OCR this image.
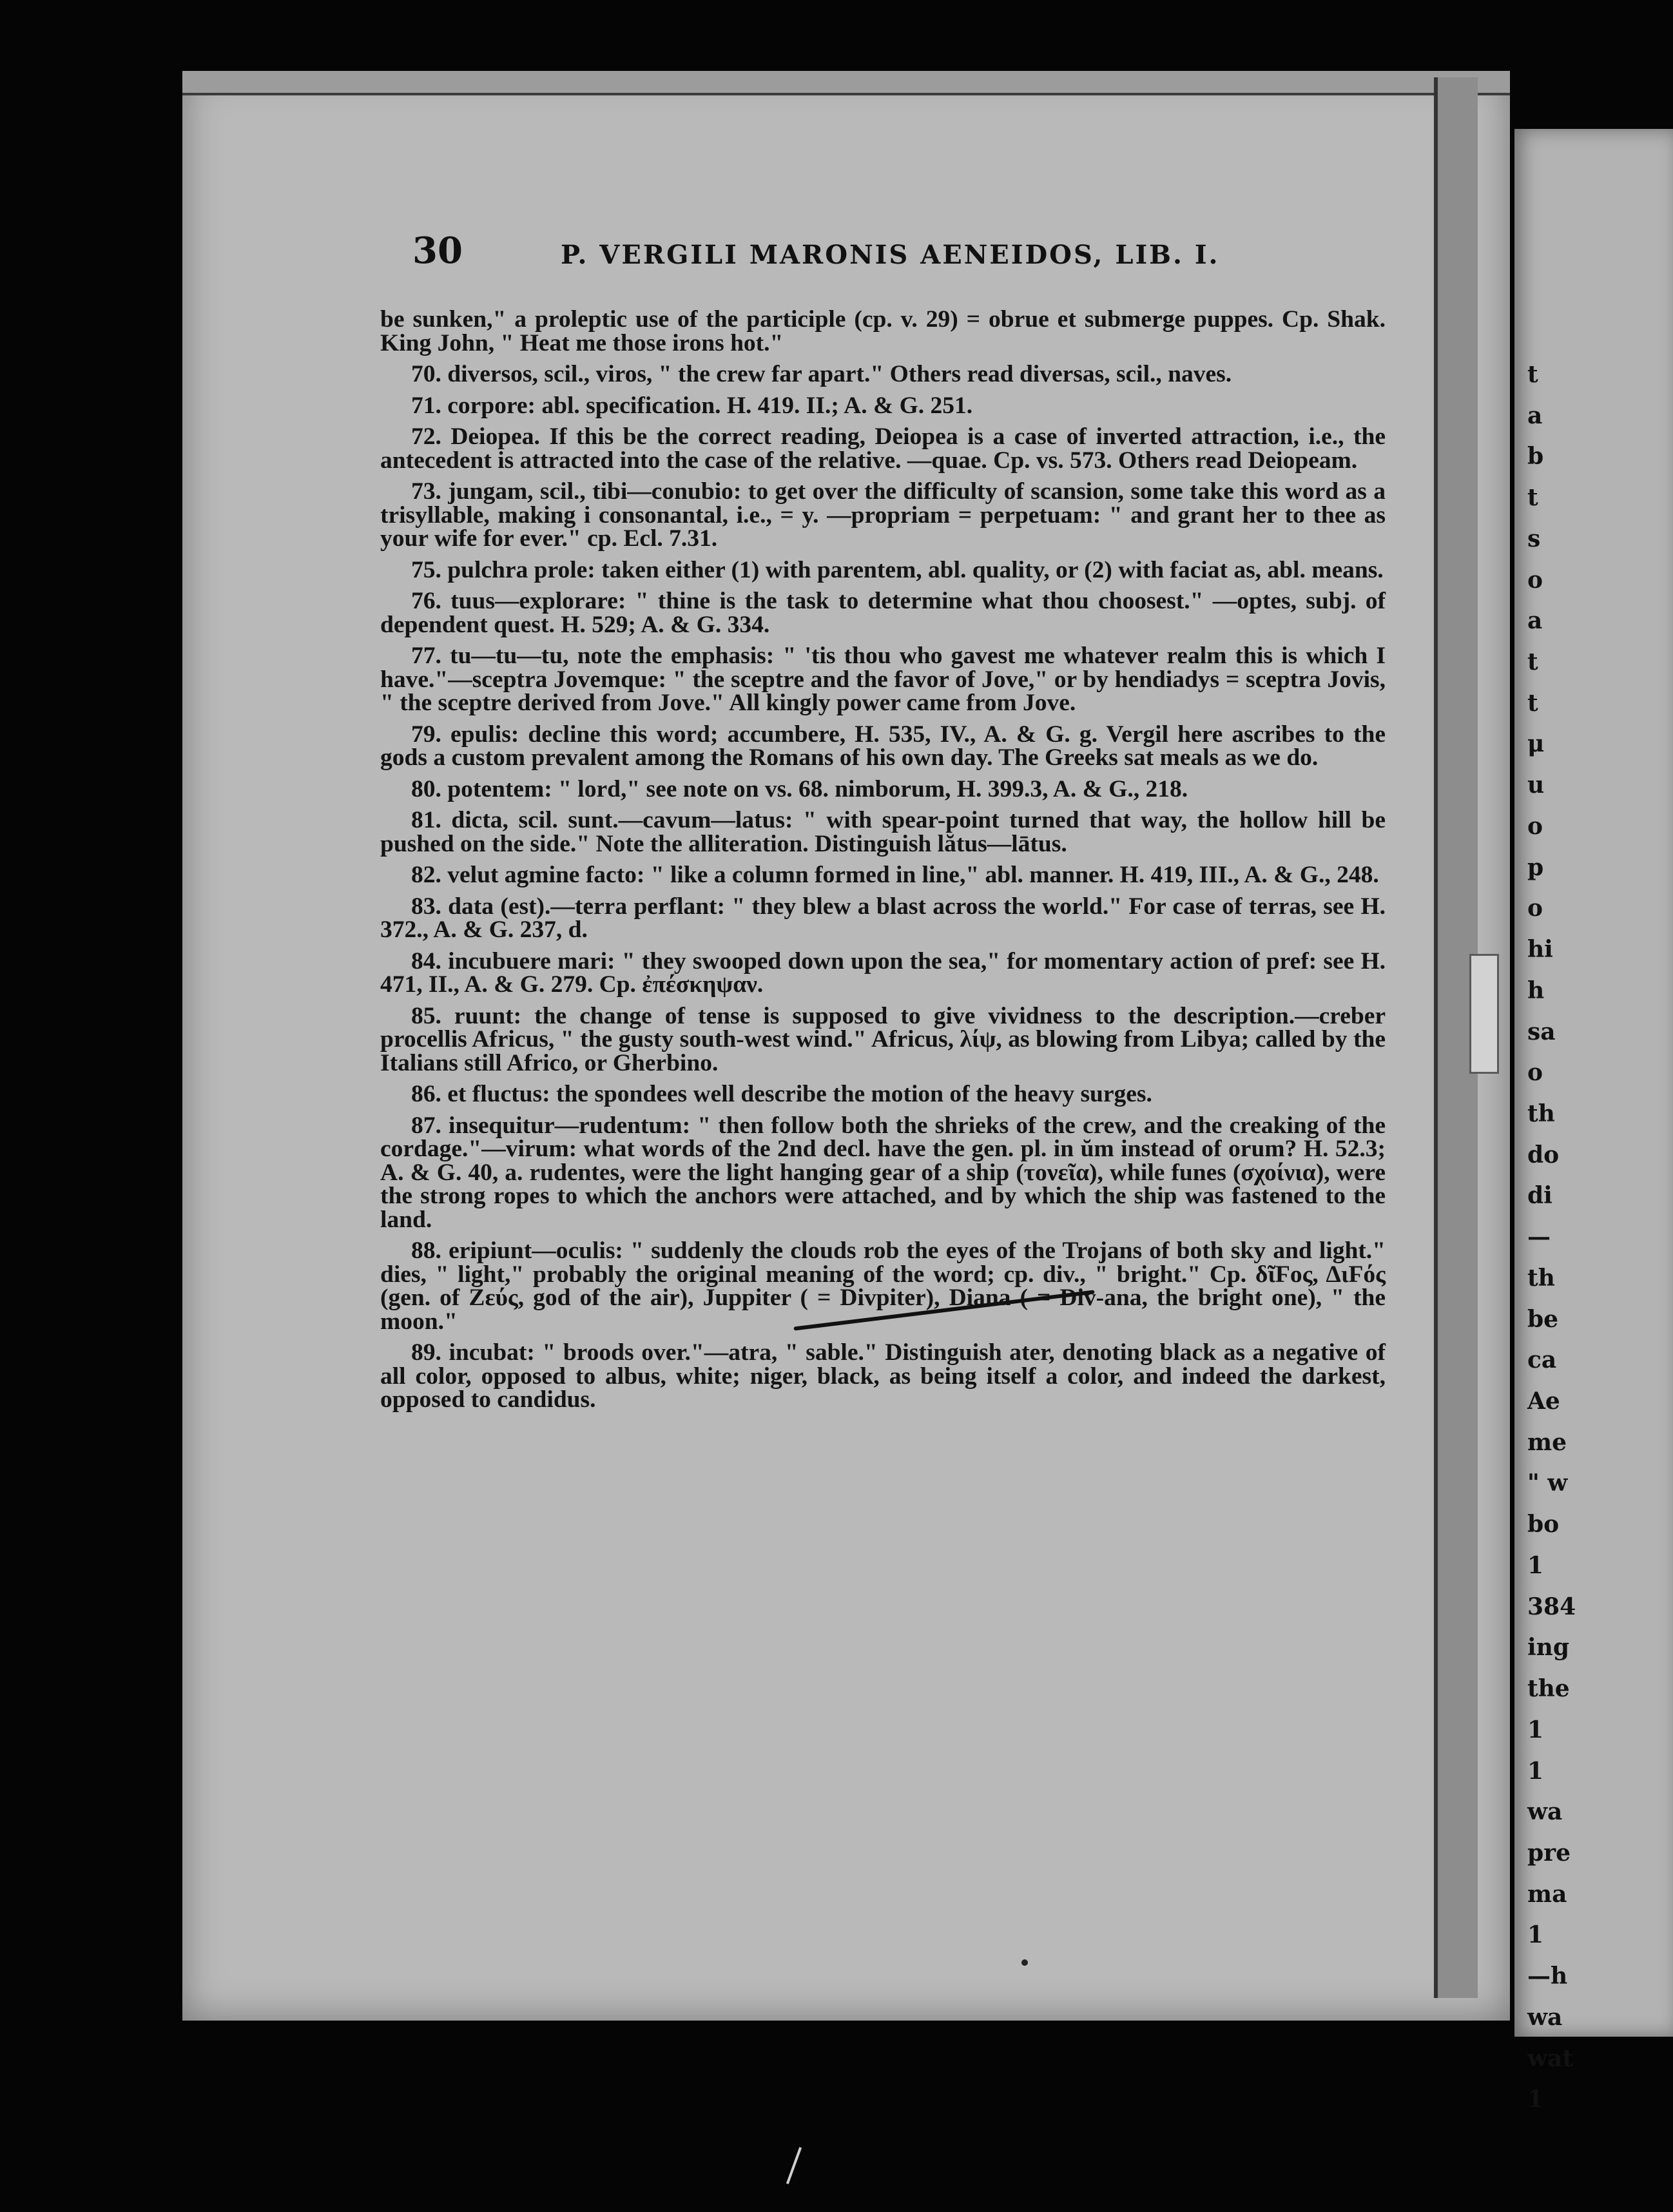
t
a
b
t
s
o
a
t
t
μ
u
o
p
o
hi
h
sa
o
th
do
di
—
th
be
ca
Ae
me
" w
bo
1
384
ing
the
1
1
wa
pre
ma
1
—h
wa
wat
1
30	P. VERGILI MARONIS AENEIDOS, LIB. I.

be sunken," a proleptic use of the participle (cp. v. 29) = obrue et submerge puppes. Cp. Shak. King John, " Heat me those irons hot."

70. diversos, scil., viros, " the crew far apart." Others read diversas, scil., naves.

71. corpore: abl. specification. H. 419. II.; A. & G. 251.

72. Deiopea. If this be the correct reading, Deiopea is a case of inverted attraction, i.e., the antecedent is attracted into the case of the relative. —quae. Cp. vs. 573. Others read Deiopeam.

73. jungam, scil., tibi—conubio: to get over the difficulty of scansion, some take this word as a trisyllable, making i consonantal, i.e., = y. —propriam = perpetuam: " and grant her to thee as your wife for ever." cp. Ecl. 7.31.

75. pulchra prole: taken either (1) with parentem, abl. quality, or (2) with faciat as, abl. means.

76. tuus—explorare: " thine is the task to determine what thou choosest." —optes, subj. of dependent quest. H. 529; A. & G. 334.

77. tu—tu—tu, note the emphasis: " 'tis thou who gavest me whatever realm this is which I have."—sceptra Jovemque: " the sceptre and the favor of Jove," or by hendiadys = sceptra Jovis, " the sceptre derived from Jove." All kingly power came from Jove.

79. epulis: decline this word; accumbere, H. 535, IV., A. & G. g. Vergil here ascribes to the gods a custom prevalent among the Romans of his own day. The Greeks sat meals as we do.

80. potentem: " lord," see note on vs. 68. nimborum, H. 399.3, A. & G., 218.

81. dicta, scil. sunt.—cavum—latus: " with spear-point turned that way, the hollow hill be pushed on the side." Note the alliteration. Distinguish lătus—lātus.

82. velut agmine facto: " like a column formed in line," abl. manner. H. 419, III., A. & G., 248.

83. data (est).—terra perflant: " they blew a blast across the world." For case of terras, see H. 372., A. & G. 237, d.

84. incubuere mari: " they swooped down upon the sea," for momentary action of pref: see H. 471, II., A. & G. 279. Cp. ἐπέσκηψαν.

85. ruunt: the change of tense is supposed to give vividness to the description.—creber procellis Africus, " the gusty south-west wind." Africus, λίψ, as blowing from Libya; called by the Italians still Africo, or Gherbino.

86. et fluctus: the spondees well describe the motion of the heavy surges.

87. insequitur—rudentum: " then follow both the shrieks of the crew, and the creaking of the cordage."—virum: what words of the 2nd decl. have the gen. pl. in ŭm instead of orum? H. 52.3; A. & G. 40, a. rudentes, were the light hanging gear of a ship (τονεῖα), while funes (σχοίνια), were the strong ropes to which the anchors were attached, and by which the ship was fastened to the land.

88. eripiunt—oculis: " suddenly the clouds rob the eyes of the Trojans of both sky and light." dies, " light," probably the original meaning of the word; cp. div., " bright." Cp. δῖϜος, ΔιϜός (gen. of Ζεύς, god of the air), Juppiter ( = Divpiter), Diana ( = Div-ana, the bright one), " the moon."

89. incubat: " broods over."—atra, " sable." Distinguish ater, denoting black as a negative of all color, opposed to albus, white; niger, black, as being itself a color, and indeed the darkest, opposed to candidus.
